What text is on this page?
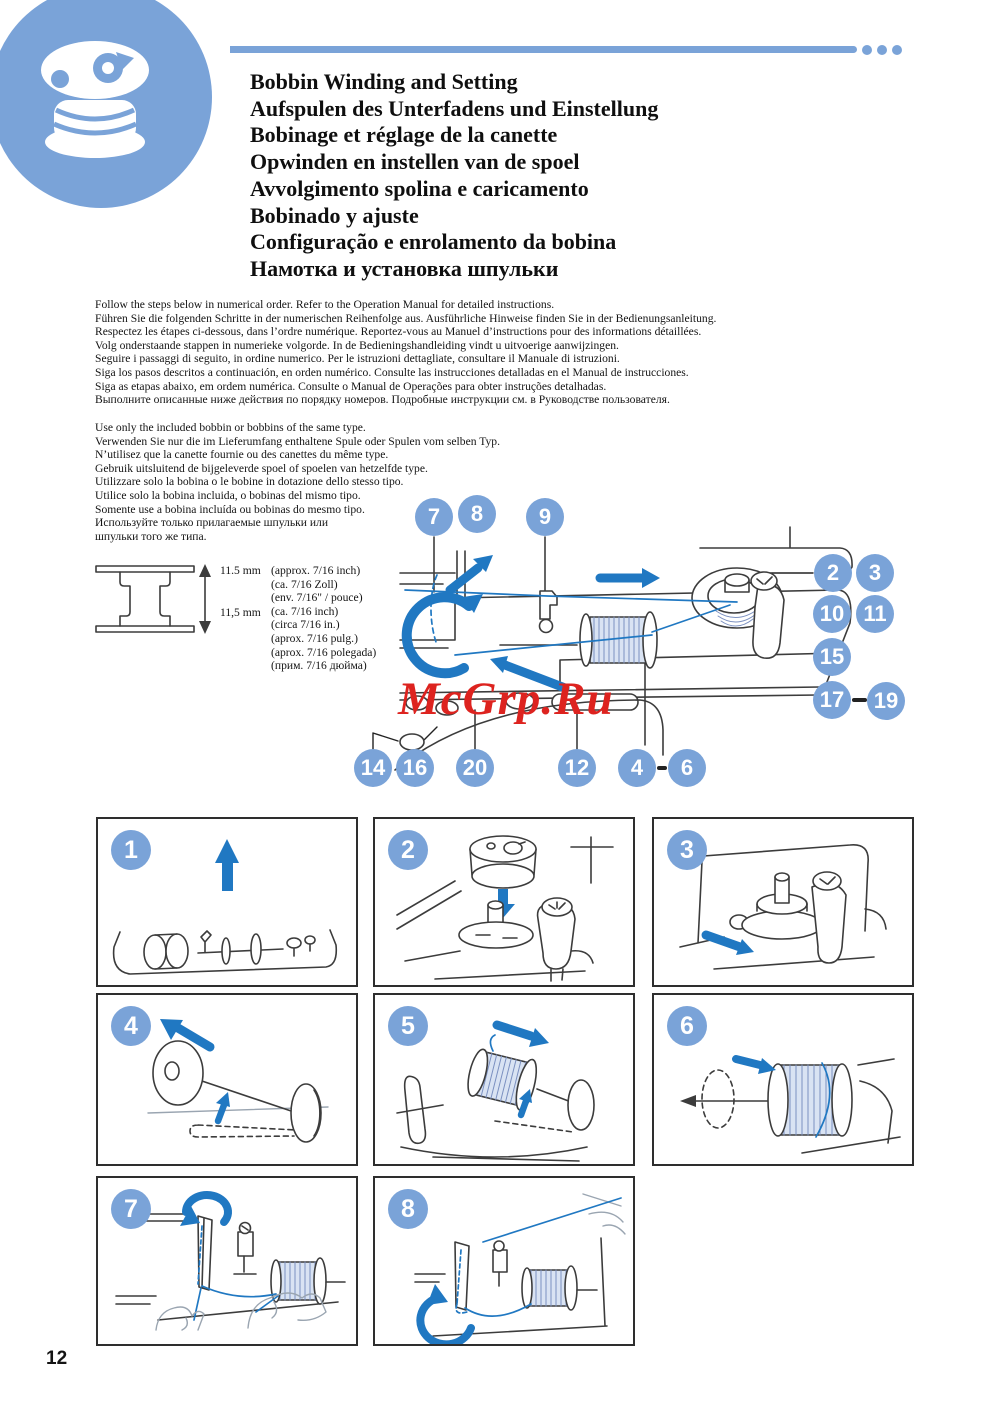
Bobbin Winding and Setting
Aufspulen des Unterfadens und Einstellung
Bobinage et réglage de la canette
Opwinden en instellen van de spoel
Avvolgimento spolina e caricamento
Bobinado y ajuste
Configuração e enrolamento da bobina
Намотка и установка шпульки
Follow the steps below in numerical order. Refer to the Operation Manual for detailed instructions.
Führen Sie die folgenden Schritte in der numerischen Reihenfolge aus. Ausführliche Hinweise finden Sie in der Bedienungsanleitung.
Respectez les étapes ci-dessous, dans l’ordre numérique. Reportez-vous au Manuel d’instructions pour des informations détaillées.
Volg onderstaande stappen in numerieke volgorde. In de Bedieningshandleiding vindt u uitvoerige aanwijzingen.
Seguire i passaggi di seguito, in ordine numerico. Per le istruzioni dettagliate, consultare il Manuale di istruzioni.
Siga los pasos descritos a continuación, en orden numérico. Consulte las instrucciones detalladas en el Manual de instrucciones.
Siga as etapas abaixo, em ordem numérica. Consulte o Manual de Operações para obter instruções detalhadas.
Выполните описанные ниже действия по порядку номеров. Подробные инструкции см. в Руководстве пользователя.
Use only the included bobbin or bobbins of the same type.
Verwenden Sie nur die im Lieferumfang enthaltene Spule oder Spulen vom selben Typ.
N’utilisez que la canette fournie ou des canettes du même type.
Gebruik uitsluitend de bijgeleverde spoel of spoelen van hetzelfde type.
Utilizzare solo la bobina o le bobine in dotazione dello stesso tipo.
Utilice solo la bobina incluida, o bobinas del mismo tipo.
Somente use a bobina incluída ou bobinas do mesmo tipo.
Используйте только прилагаемые шпульки или
шпульки того же типа.
11.5 mm
11,5 mm
(approx. 7/16 inch)
(ca. 7/16 Zoll)
(env. 7/16" / pouce)
(ca. 7/16 inch)
(circa 7/16 in.)
(aprox. 7/16 pulg.)
(aprox. 7/16 polegada)
(прим. 7/16 дюйма)
McGrp.Ru
7	8	9
2	3
10 11
15
17	19
14 16	20	12	4	6
1	2	3
4	5	6
7	8
12
